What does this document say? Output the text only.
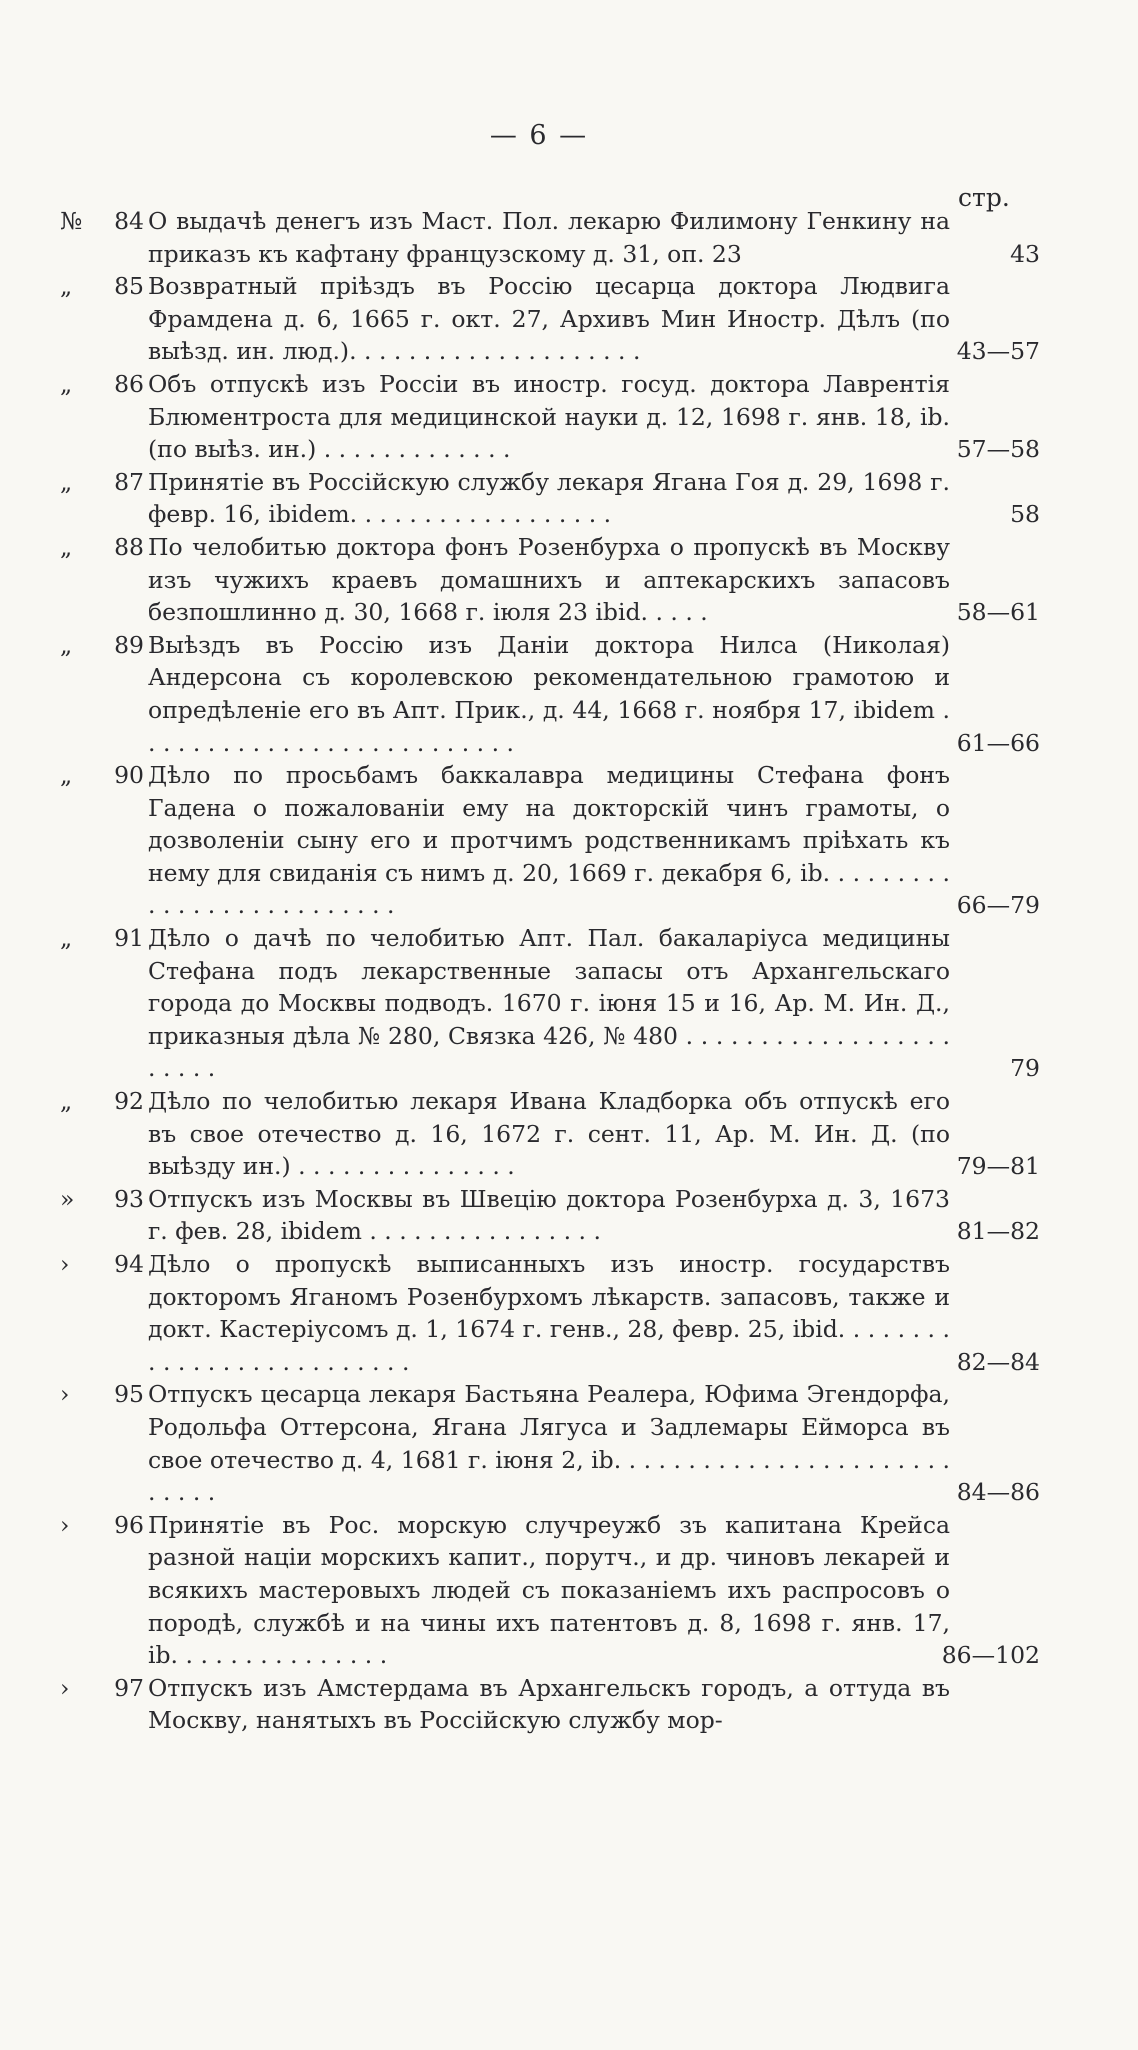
— 6 —
стр.
№	84 О выдачѣ денегъ изъ Маст. Пол. лекарю Филимону Генкину на приказъ къ кафтану французскому д. 31, оп. 23	43
„	85 Возвратный пріѣздъ въ Россію цесарца доктора Людвига Фрамдена д. 6, 1665 г. окт. 27, Архивъ Мин Иностр. Дѣлъ (по выѣзд. ин. люд.). . . . . . . . . . . . . . . . . . . .	43—57
„	86 Объ отпускѣ изъ Россіи въ иностр. госуд. доктора Лаврентія Блюментроста для медицинской науки д. 12, 1698 г. янв. 18, ib. (по выѣз. ин.) . . . . . . . . . . . . .	57—58
„	87 Принятіе въ Россійскую службу лекаря Ягана Гоя д. 29, 1698 г. февр. 16, ibidem. . . . . . . . . . . . . . . . . .	58
„	88 По челобитью доктора фонъ Розенбурха о пропускѣ въ Москву изъ чужихъ краевъ домашнихъ и аптекарскихъ запасовъ безпошлинно д. 30, 1668 г. іюля 23 ibid. . . . .	58—61
„	89 Выѣздъ въ Россію изъ Даніи доктора Нилса (Николая) Андерсона съ королевскою рекомендательною грамотою и опредѣленіе его въ Апт. Прик., д. 44, 1668 г. ноября 17, ibidem . . . . . . . . . . . . . . . . . . . . . . . . . .	61—66
„	90 Дѣло по просьбамъ баккалавра медицины Стефана фонъ Гадена о пожалованіи ему на докторскій чинъ грамоты, о дозволеніи сыну его и протчимъ родственникамъ пріѣхать къ нему для свиданія съ нимъ д. 20, 1669 г. декабря 6, ib. . . . . . . . . . . . . . . . . . . . . . . . . .	66—79
„	91 Дѣло о дачѣ по челобитью Апт. Пал. бакаларіуса медицины Стефана подъ лекарственные запасы отъ Архангельскаго города до Москвы подводъ. 1670 г. іюня 15 и 16, Ар. М. Ин. Д., приказныя дѣла № 280, Связка 426, № 480 . . . . . . . . . . . . . . . . . . . . . . .	79
„	92 Дѣло по челобитью лекаря Ивана Кладборка объ отпускѣ его въ свое отечество д. 16, 1672 г. сент. 11, Ар. М. Ин. Д. (по выѣзду ин.) . . . . . . . . . . . . . . .	79—81
»	93 Отпускъ изъ Москвы въ Швецію доктора Розенбурха д. 3, 1673 г. фев. 28, ibidem . . . . . . . . . . . . . . . .	81—82
›	94 Дѣло о пропускѣ выписанныхъ изъ иностр. государствъ докторомъ Яганомъ Розенбурхомъ лѣкарств. запасовъ, также и докт. Кастеріусомъ д. 1, 1674 г. генв., 28, февр. 25, ibid. . . . . . . . . . . . . . . . . . . . . . . . . .	82—84
›	95 Отпускъ цесарца лекаря Бастьяна Реалера, Юфима Эгендорфа, Родольфа Оттерсона, Ягана Лягуса и Задлемары Еймopca въ свое отечество д. 4, 1681 г. іюня 2, ib. . . . . . . . . . . . . . . . . . . . . . . . . . . .	84—86
›	96 Принятіе въ Рос. морскую случреужб зъ капитана Крейса разной націи морскихъ капит., порутч., и др. чиновъ лекарей и всякихъ мастеровыхъ людей съ показаніемъ ихъ распросовъ о породѣ, службѣ и на чины ихъ патентовъ д. 8, 1698 г. янв. 17, ib. . . . . . . . . . . . . . .	86—102
›	97 Отпускъ изъ Амстердама въ Архангельскъ городъ, а оттуда въ Москву, нанятыхъ въ Россійскую службу мор-
